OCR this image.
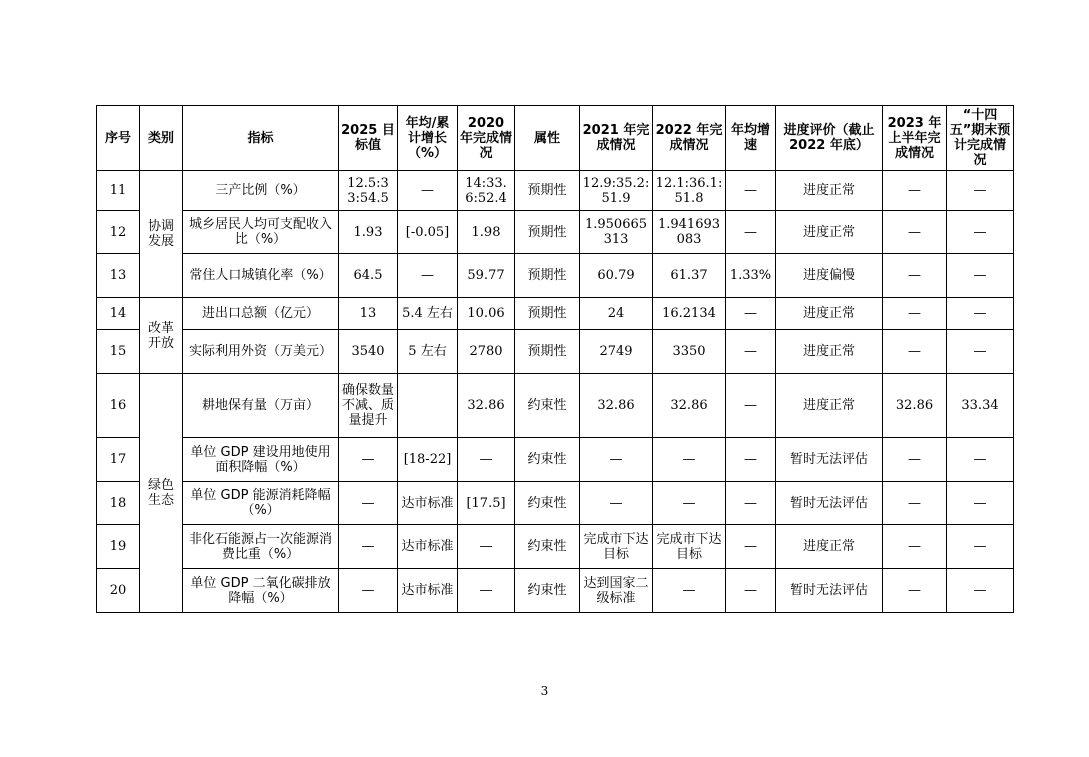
序号	类别	指标	2025 目标值	年均/累计增长（%）	2020 年完成情况	属性	2021 年完成情况	2022 年完成情况	年均增速	进度评价（截止 2022 年底）	2023 年上半年完成情况	“十四五”期末预计完成情况
11	协调发展	三产比例（%）	12.5:33:54.5	—	14:33.6:52.4	预期性	12.9:35.2:51.9	12.1:36.1:51.8	—	进度正常	—	—
12		城乡居民人均可支配收入比（%）	1.93	[-0.05]	1.98	预期性	1.950665313	1.941693083	—	进度正常	—	—
13		常住人口城镇化率（%）	64.5	—	59.77	预期性	60.79	61.37	1.33%	进度偏慢	—	—
14	改革开放	进出口总额（亿元）	13	5.4 左右	10.06	预期性	24	16.2134	—	进度正常	—	—
15		实际利用外资（万美元）	3540	5 左右	2780	预期性	2749	3350	—	进度正常	—	—
16	绿色生态	耕地保有量（万亩）	确保数量不减、质量提升		32.86	约束性	32.86	32.86	—	进度正常	32.86	33.34
17		单位 GDP 建设用地使用面积降幅（%）	—	[18-22]	—	约束性	—	—	—	暂时无法评估	—	—
18		单位 GDP 能源消耗降幅（%）	—	达市标准	[17.5]	约束性	—	—	—	暂时无法评估	—	—
19		非化石能源占一次能源消费比重（%）	—	达市标准	—	约束性	完成市下达目标	完成市下达目标	—	进度正常	—	—
20		单位 GDP 二氧化碳排放降幅（%）	—	达市标准	—	约束性	达到国家二级标准	—	—	暂时无法评估	—	—
3
